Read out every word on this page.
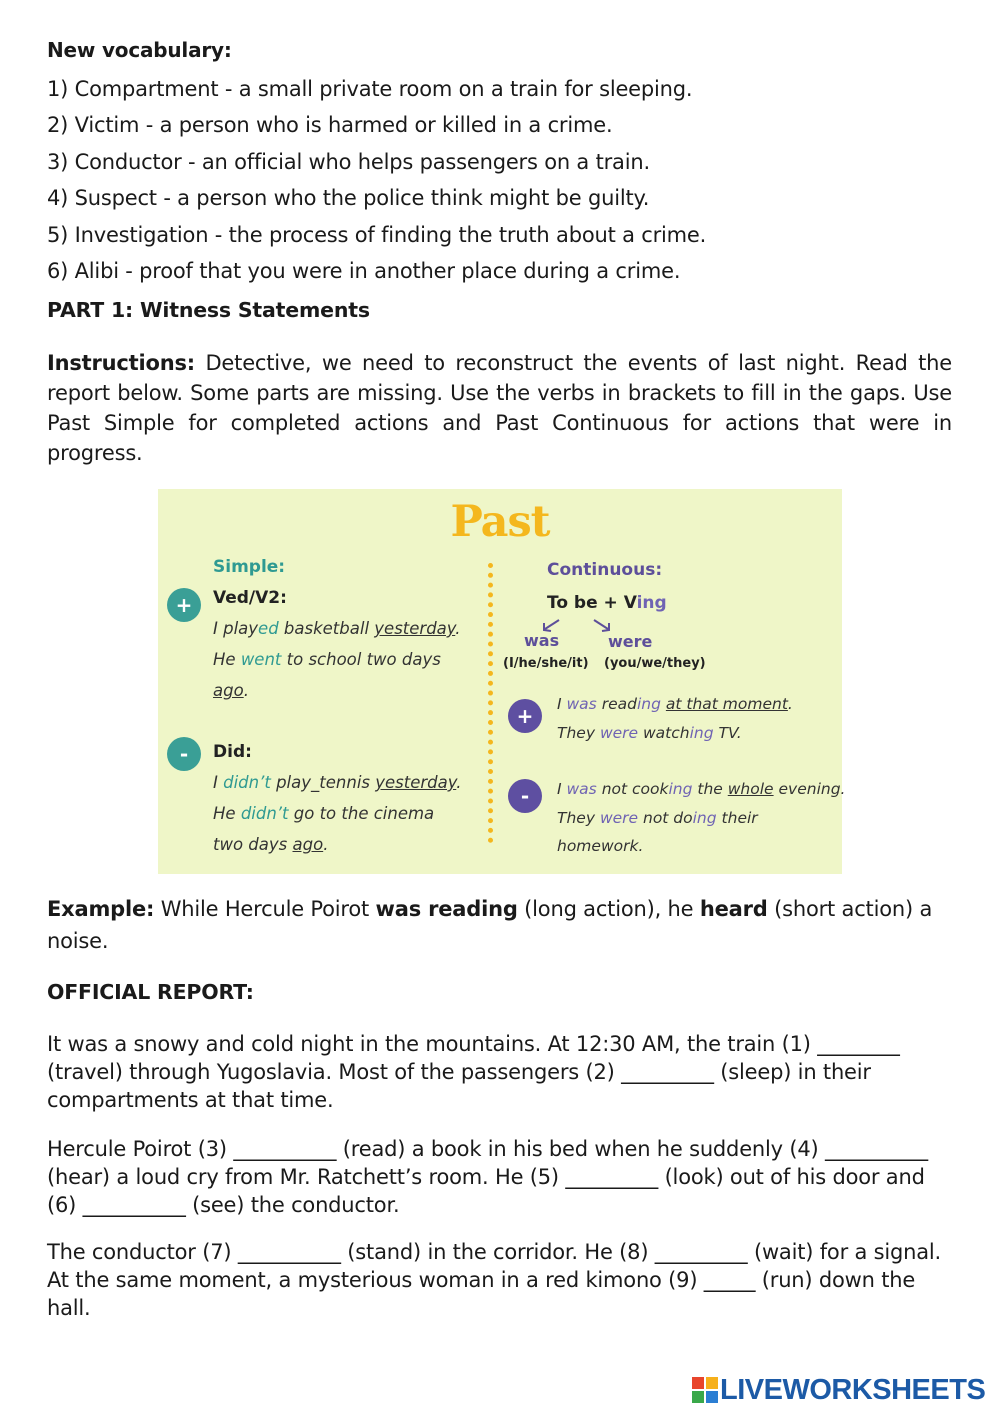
New vocabulary:
1) Compartment - a small private room on a train for sleeping.
2) Victim - a person who is harmed or killed in a crime.
3) Conductor - an official who helps passengers on a train.
4) Suspect - a person who the police think might be guilty.
5) Investigation - the process of finding the truth about a crime.
6) Alibi - proof that you were in another place during a crime.
PART 1: Witness Statements
Instructions: Detective, we need to reconstruct the events of last night. Read the report below. Some parts are missing. Use the verbs in brackets to fill in the gaps. Use Past Simple for completed actions and Past Continuous for actions that were in progress.
Past
Simple:
+	Ved/V2:
I played basketball yesterday.
He went to school two days
ago.
-	Did:
I didn’t play_tennis yesterday.
He didn’t go to the cinema
two days ago.
Continuous:
To be + Ving
was	were
(I/he/she/it) (you/we/they)
+	I was reading at that moment.
They were watching TV.
-	I was not cooking the whole evening.
They were not doing their
homework.
Example: While Hercule Poirot was reading (long action), he heard (short action) a noise.
OFFICIAL REPORT:
It was a snowy and cold night in the mountains. At 12:30 AM, the train (1) ________ (travel) through Yugoslavia. Most of the passengers (2) _________ (sleep) in their compartments at that time.
Hercule Poirot (3) __________ (read) a book in his bed when he suddenly (4) __________ (hear) a loud cry from Mr. Ratchett’s room. He (5) _________ (look) out of his door and (6) __________ (see) the conductor.
The conductor (7) __________ (stand) in the corridor. He (8) _________ (wait) for a signal. At the same moment, a mysterious woman in a red kimono (9) _____ (run) down the hall.
LIVEWORKSHEETS
